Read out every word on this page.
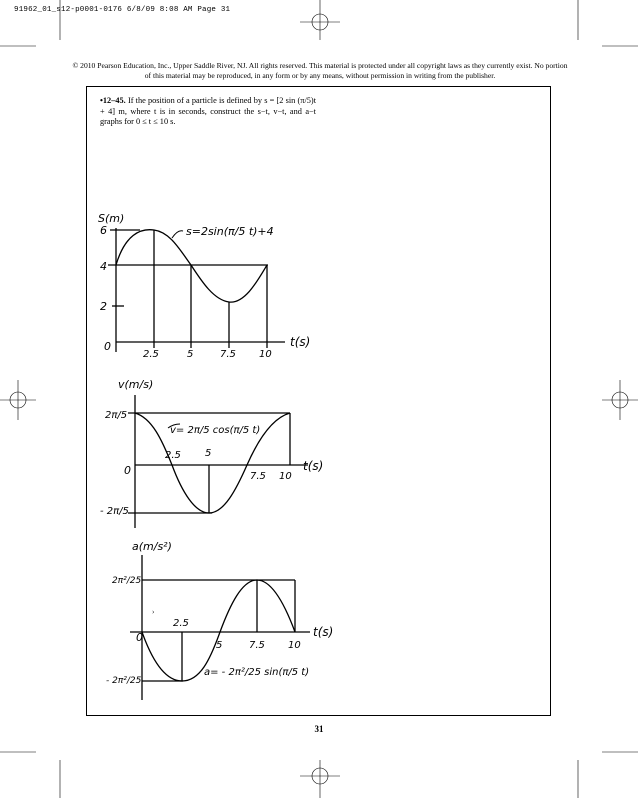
91962_01_s12-p0001-0176 6/8/09 8:08 AM Page 31
© 2010 Pearson Education, Inc., Upper Saddle River, NJ. All rights reserved. This material is protected under all copyright laws as they currently exist. No portion of this material may be reproduced, in any form or by any means, without permission in writing from the publisher.
•12–45. If the position of a particle is defined by s = [2 sin (π/5)t + 4] m, where t is in seconds, construct the s−t, v−t, and a−t graphs for 0 ≤ t ≤ 10 s.
S(m)
6
4
2
0
2.5	5	7.5 10
t(s)
s=2sin(π/5 t)+4
v(m/s)
2π/5
- 2π/5
0
2.5 5
7.5 10
t(s)
v= 2π/5 cos(π/5 t)
a(m/s²)
2π²/25
- 2π²/25
0
2.5
5	7.5 10
t(s)
a= - 2π²/25 sin(π/5 t)
›
31
